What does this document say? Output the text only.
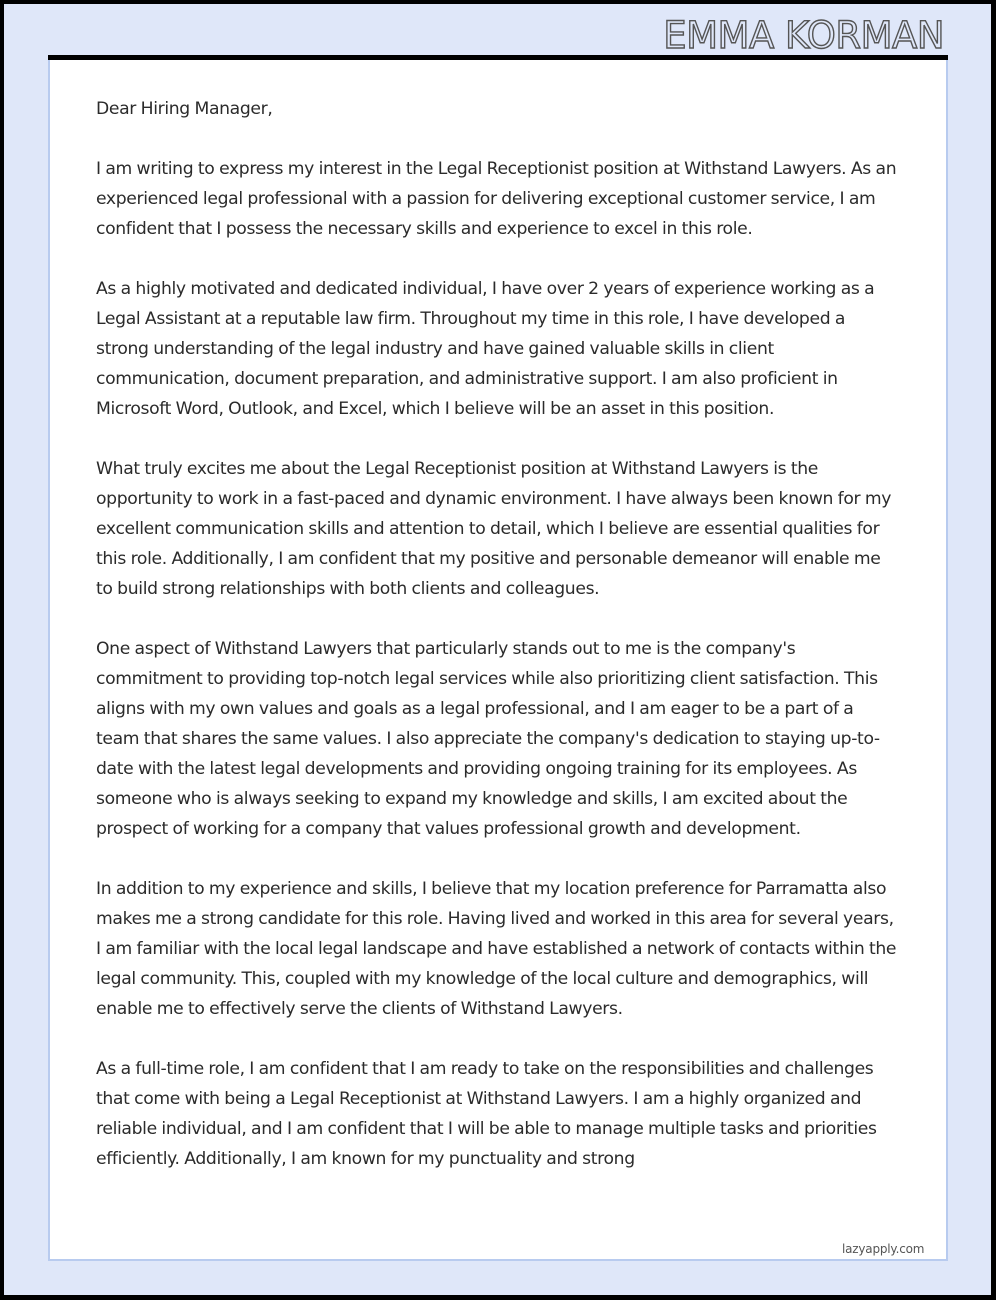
EMMA KORMAN

Dear Hiring Manager,

I am writing to express my interest in the Legal Receptionist position at Withstand Lawyers. As an experienced legal professional with a passion for delivering exceptional customer service, I am confident that I possess the necessary skills and experience to excel in this role.

As a highly motivated and dedicated individual, I have over 2 years of experience working as a Legal Assistant at a reputable law firm. Throughout my time in this role, I have developed a strong understanding of the legal industry and have gained valuable skills in client communication, document preparation, and administrative support. I am also proficient in Microsoft Word, Outlook, and Excel, which I believe will be an asset in this position.

What truly excites me about the Legal Receptionist position at Withstand Lawyers is the opportunity to work in a fast-paced and dynamic environment. I have always been known for my excellent communication skills and attention to detail, which I believe are essential qualities for this role. Additionally, I am confident that my positive and personable demeanor will enable me to build strong relationships with both clients and colleagues.

One aspect of Withstand Lawyers that particularly stands out to me is the company's commitment to providing top-notch legal services while also prioritizing client satisfaction. This aligns with my own values and goals as a legal professional, and I am eager to be a part of a team that shares the same values. I also appreciate the company's dedication to staying up-to-date with the latest legal developments and providing ongoing training for its employees. As someone who is always seeking to expand my knowledge and skills, I am excited about the prospect of working for a company that values professional growth and development.

In addition to my experience and skills, I believe that my location preference for Parramatta also makes me a strong candidate for this role. Having lived and worked in this area for several years, I am familiar with the local legal landscape and have established a network of contacts within the legal community. This, coupled with my knowledge of the local culture and demographics, will enable me to effectively serve the clients of Withstand Lawyers.

As a full-time role, I am confident that I am ready to take on the responsibilities and challenges that come with being a Legal Receptionist at Withstand Lawyers. I am a highly organized and reliable individual, and I am confident that I will be able to manage multiple tasks and priorities efficiently. Additionally, I am known for my punctuality and strong

lazyapply.com
